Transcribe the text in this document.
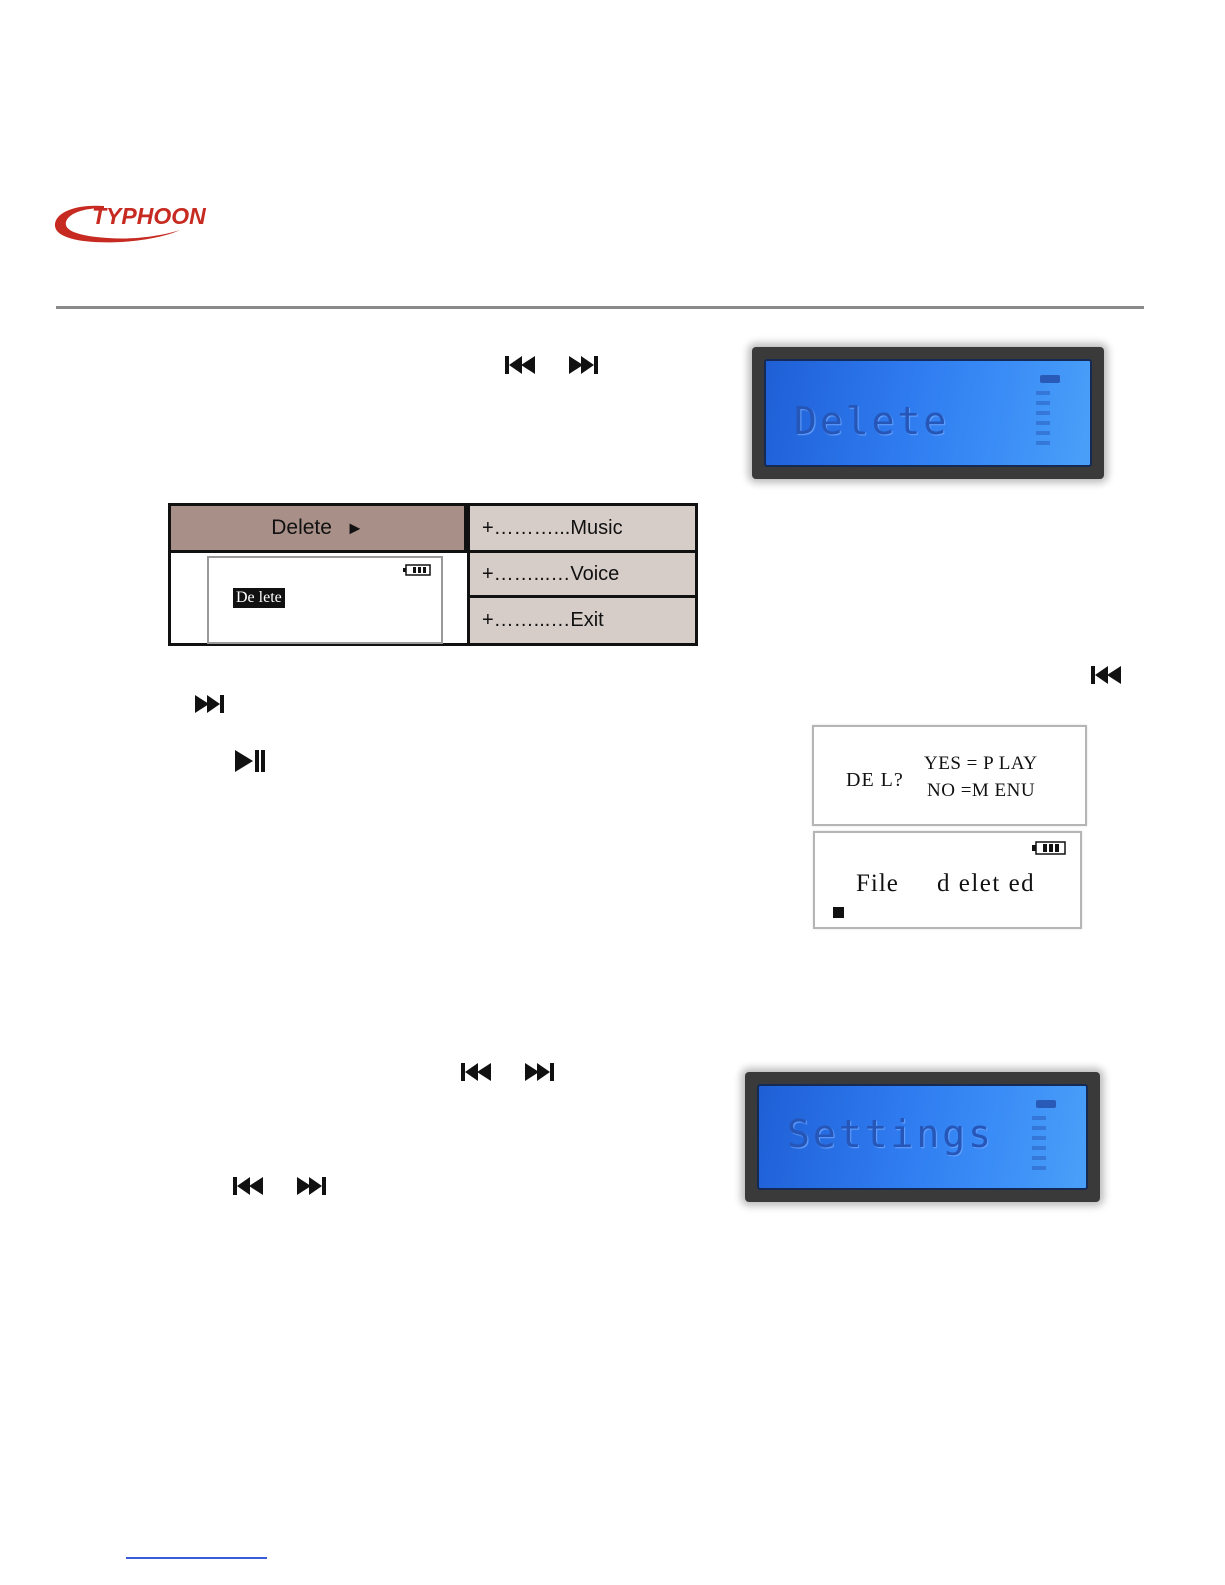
TYPHOON
Delete
Delete ►	+………...Music
+……...…Voice
+……...…Exit
De lete
DE L?
YES = P LAY
NO =M ENU
File d elet ed
Settings
